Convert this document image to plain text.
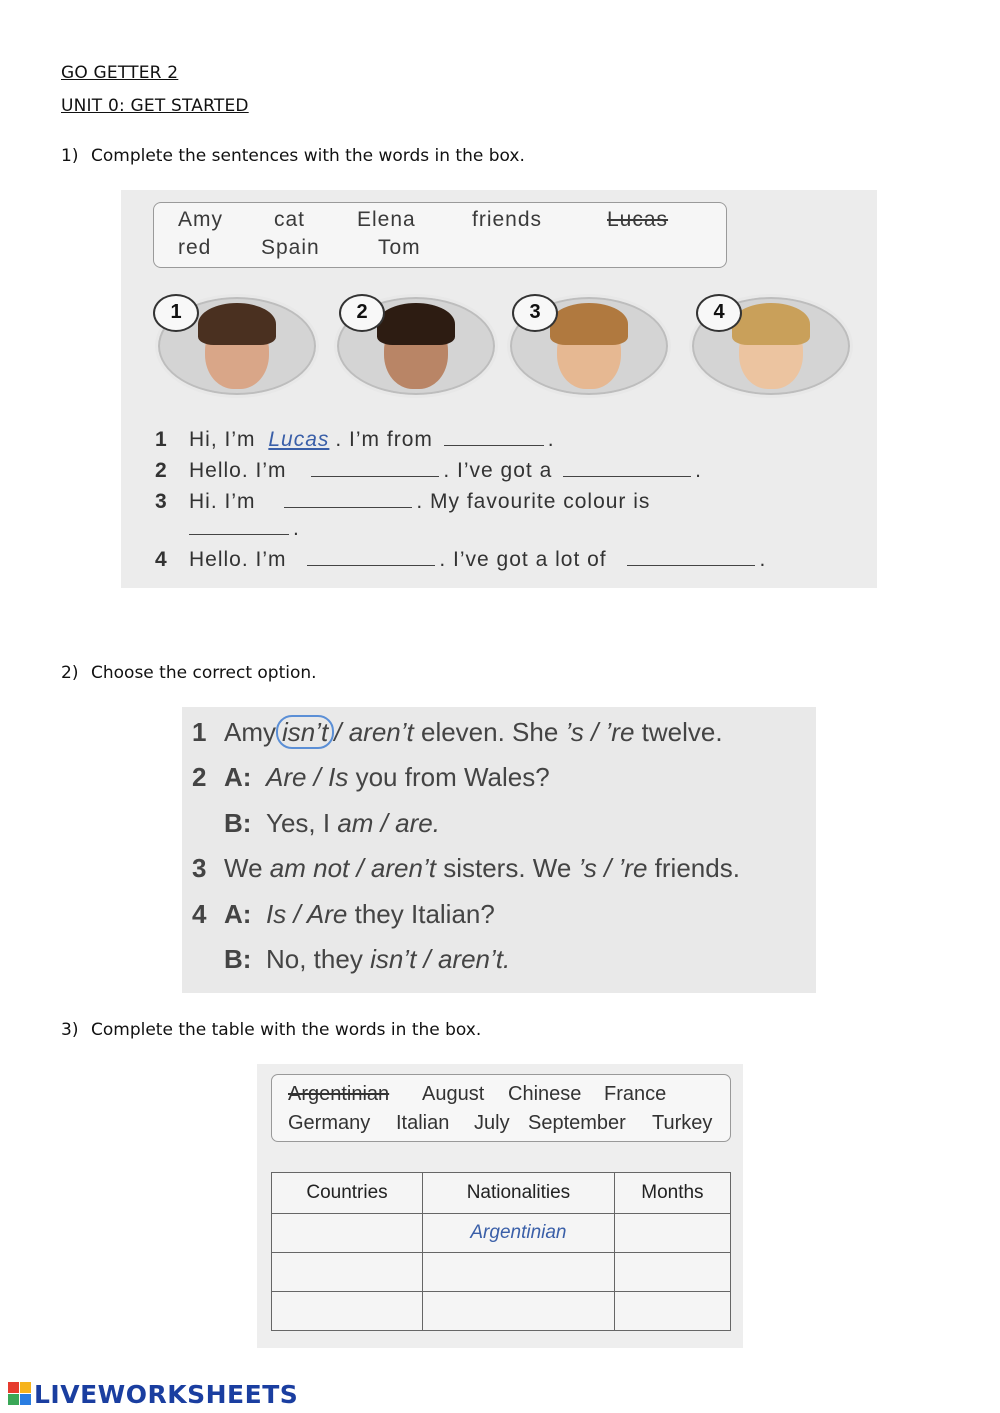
GO GETTER 2
UNIT 0: GET STARTED
1) Complete the sentences with the words in the box.
Amy cat Elena	friends	Lucas
red Spain	Tom
1	2	3	4
1 Hi, I’m Lucas . I’m from	.
2 Hello. I’m	. I’ve got a	.
3 Hi. I’m	. My favourite colour is
.
4 Hello. I’m	. I’ve got a lot of	.
2) Choose the correct option.
1 Amy isn’t / aren’t eleven. She ’s / ’re twelve.
2 A: Are / Is you from Wales?
B: Yes, I am / are.
3 We am not / aren’t sisters. We ’s / ’re friends.
4 A: Is / Are they Italian?
B: No, they isn’t / aren’t.
3) Complete the table with the words in the box.
Argentinian August Chinese France
Germany Italian July September Turkey
Countries	Nationalities	Months
	Argentinian	

LIVEWORKSHEETS
